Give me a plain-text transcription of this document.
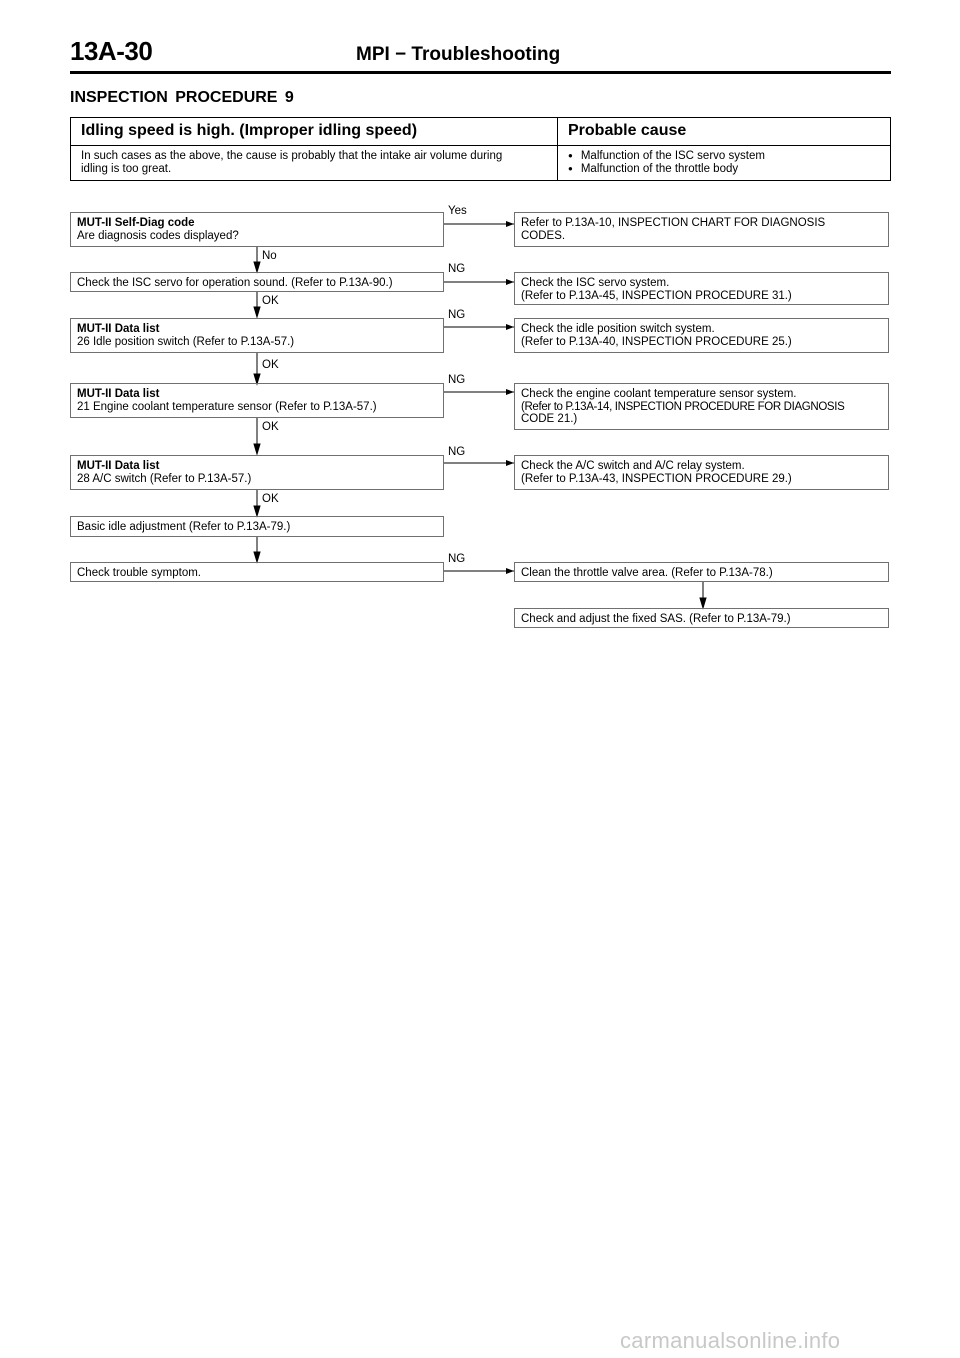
13A-30	MPI − Troubleshooting
INSPECTION PROCEDURE 9
Idling speed is high. (Improper idling speed)	Probable cause
In such cases as the above, the cause is probably that the intake air volume during
idling is too great.
● Malfunction of the ISC servo system
● Malfunction of the throttle body
MUT-II Self-Diag code
Are diagnosis codes displayed?
Yes
Refer to P.13A-10, INSPECTION CHART FOR DIAGNOSIS
CODES.
No
Check the ISC servo for operation sound. (Refer to P.13A-90.)
NG
Check the ISC servo system.
(Refer to P.13A-45, INSPECTION PROCEDURE 31.)
OK
MUT-II Data list
26 Idle position switch (Refer to P.13A-57.)
NG
Check the idle position switch system.
(Refer to P.13A-40, INSPECTION PROCEDURE 25.)
OK
MUT-II Data list
21 Engine coolant temperature sensor (Refer to P.13A-57.)
NG
Check the engine coolant temperature sensor system.
(Refer to P.13A-14, INSPECTION PROCEDURE FOR DIAGNOSIS
CODE 21.)
OK
MUT-II Data list
28 A/C switch (Refer to P.13A-57.)
NG
Check the A/C switch and A/C relay system.
(Refer to P.13A-43, INSPECTION PROCEDURE 29.)
OK
Basic idle adjustment (Refer to P.13A-79.)
Check trouble symptom.
NG
Clean the throttle valve area. (Refer to P.13A-78.)
Check and adjust the fixed SAS. (Refer to P.13A-79.)
carmanualsonline.info
